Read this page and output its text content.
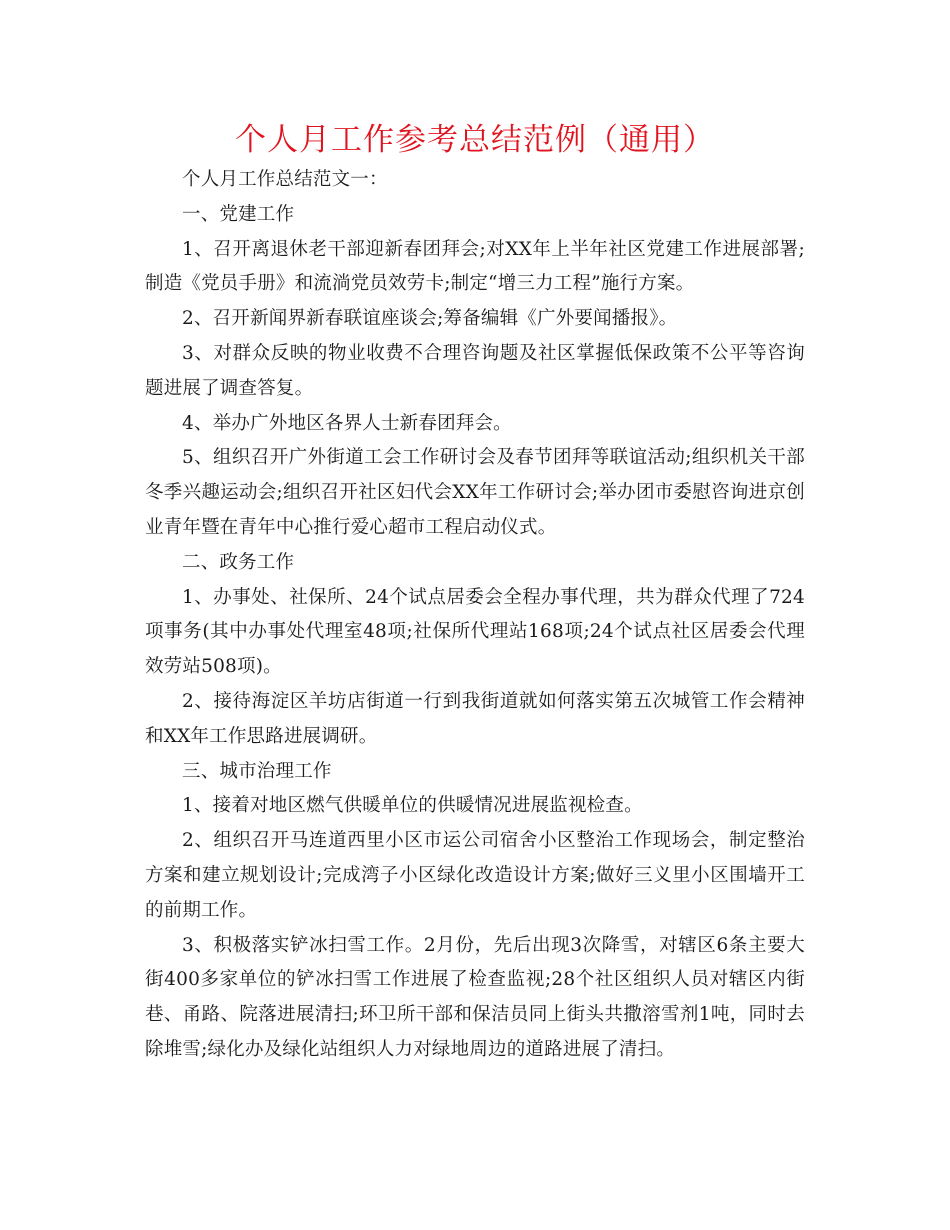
个人月工作参考总结范例（通用）

个人月工作总结范文一：

一、党建工作

1、召开离退休老干部迎新春团拜会;对XX年上半年社区党建工作进展部署;制造《党员手册》和流淌党员效劳卡;制定“增三力工程”施行方案。

2、召开新闻界新春联谊座谈会;筹备编辑《广外要闻播报》。

3、对群众反映的物业收费不合理咨询题及社区掌握低保政策不公平等咨询题进展了调查答复。

4、举办广外地区各界人士新春团拜会。

5、组织召开广外街道工会工作研讨会及春节团拜等联谊活动;组织机关干部冬季兴趣运动会;组织召开社区妇代会XX年工作研讨会;举办团市委慰咨询进京创业青年暨在青年中心推行爱心超市工程启动仪式。

二、政务工作

1、办事处、社保所、24个试点居委会全程办事代理，共为群众代理了724项事务(其中办事处代理室48项;社保所代理站168项;24个试点社区居委会代理效劳站508项)。

2、接待海淀区羊坊店街道一行到我街道就如何落实第五次城管工作会精神和XX年工作思路进展调研。

三、城市治理工作

1、接着对地区燃气供暖单位的供暖情况进展监视检查。

2、组织召开马连道西里小区市运公司宿舍小区整治工作现场会，制定整治方案和建立规划设计;完成湾子小区绿化改造设计方案;做好三义里小区围墙开工的前期工作。

3、积极落实铲冰扫雪工作。2月份，先后出现3次降雪，对辖区6条主要大街400多家单位的铲冰扫雪工作进展了检查监视;28个社区组织人员对辖区内街巷、甬路、院落进展清扫;环卫所干部和保洁员同上街头共撒溶雪剂1吨，同时去除堆雪;绿化办及绿化站组织人力对绿地周边的道路进展了清扫。
